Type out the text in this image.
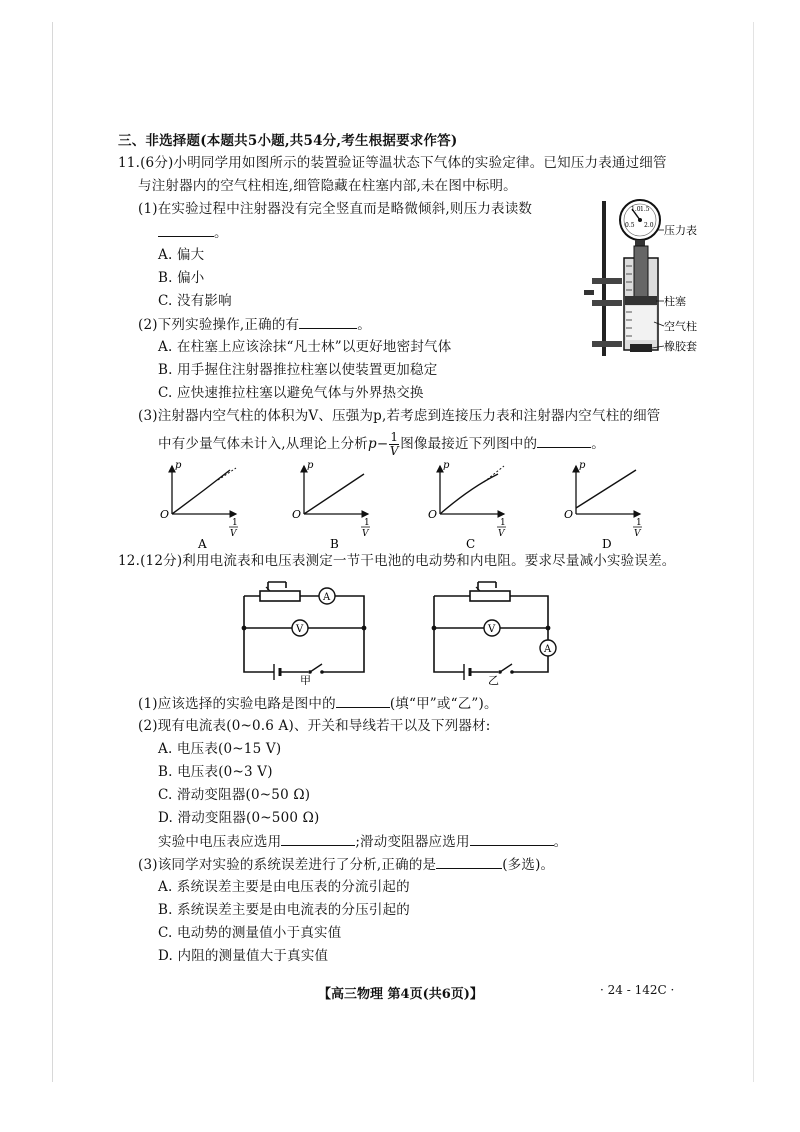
三、非选择题(本题共5小题,共54分,考生根据要求作答)
11.(6分)小明同学用如图所示的装置验证等温状态下气体的实验定律。已知压力表通过细管
与注射器内的空气柱相连,细管隐藏在柱塞内部,未在图中标明。
(1)在实验过程中注射器没有完全竖直而是略微倾斜,则压力表读数
。
A. 偏大
B. 偏小
C. 没有影响
(2)下列实验操作,正确的有	。
A. 在柱塞上应该涂抹“凡士林”以更好地密封气体
B. 用手握住注射器推拉柱塞以使装置更加稳定
C. 应快速推拉柱塞以避免气体与外界热交换
(3)注射器内空气柱的体积为V、压强为p,若考虑到连接压力表和注射器内空气柱的细管
中有少量气体未计入,从理论上分析$p- \frac{1}{V}$ 图像最接近下列图中的	。
0.5
1.0 1.5
2.0 压力表
柱塞
空气柱
橡胶套
p
O
1
V
A
p
O
1
V
B
p
O
1
V
C
p
O
1
V
D
12.(12分)利用电流表和电压表测定一节干电池的电动势和内电阻。要求尽量减小实验误差。
A
V
甲
V
A
乙
(1)应该选择的实验电路是图中的	(填“甲”或“乙”)。
(2)现有电流表(0~0.6 A)、开关和导线若干以及下列器材:
A. 电压表(0~15 V)
B. 电压表(0~3 V)
C. 滑动变阻器(0~50 Ω)
D. 滑动变阻器(0~500 Ω)
实验中电压表应选用	;滑动变阻器应选用	。
(3)该同学对实验的系统误差进行了分析,正确的是	(多选)。
A. 系统误差主要是由电压表的分流引起的
B. 系统误差主要是由电流表的分压引起的
C. 电动势的测量值小于真实值
D. 内阻的测量值大于真实值
【高三物理 第4页(共6页)】	· 24 - 142C ·
